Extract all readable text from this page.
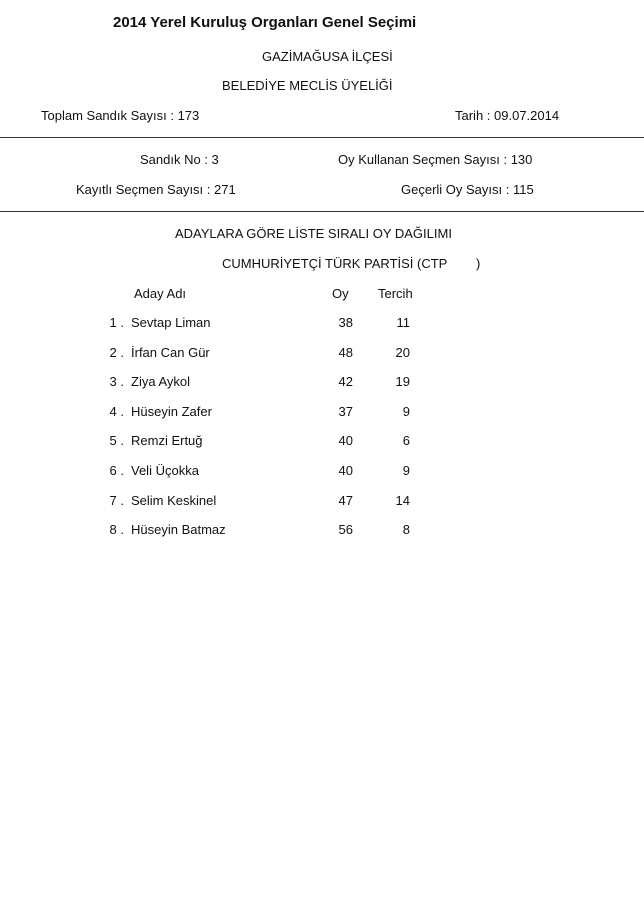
2014 Yerel Kuruluş Organları Genel Seçimi
GAZİMAĞUSA İLÇESİ
BELEDİYE MECLİS ÜYELİĞİ
Toplam Sandık Sayısı : 173	Tarih : 09.07.2014
Sandık No : 3	Oy Kullanan Seçmen Sayısı : 130
Kayıtlı Seçmen Sayısı : 271	Geçerli Oy Sayısı : 115
ADAYLARA GÖRE LİSTE SIRALI OY DAĞILIMI
CUMHURİYETÇİ TÜRK PARTİSİ (CTP        )
Aday Adı	Oy Tercih
1 . Sevtap Liman	38	11
2 . İrfan Can Gür	48	20
3 . Ziya Aykol	42	19
4 . Hüseyin Zafer	37	9
5 . Remzi Ertuğ	40	6
6 . Veli Üçokka	40	9
7 . Selim Keskinel	47	14
8 . Hüseyin Batmaz	56	8
